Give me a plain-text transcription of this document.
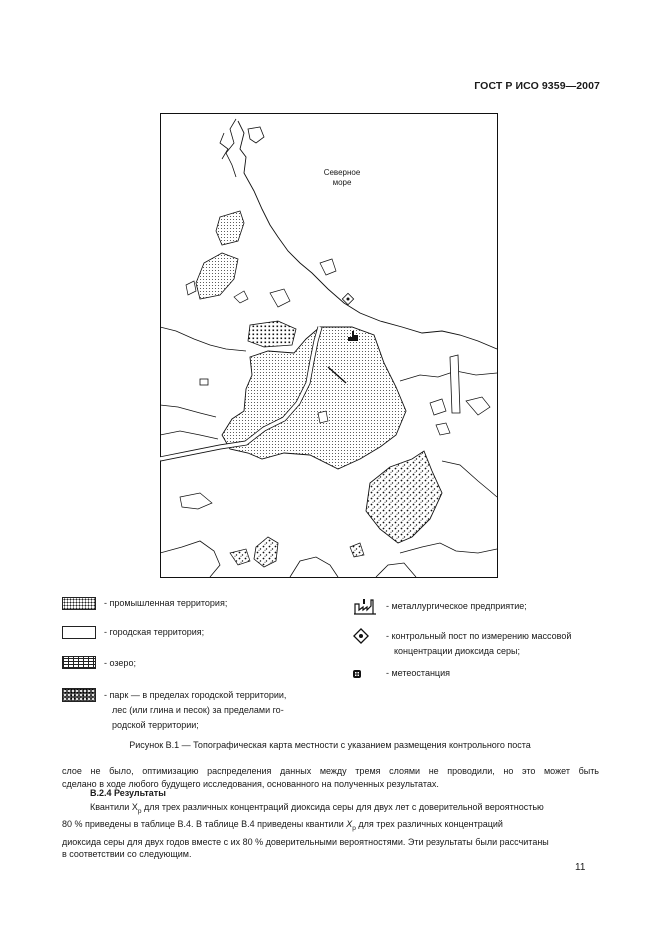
ГОСТ Р ИСО 9359—2007
Северное
море
- промышленная территория;
- городская территория;
- озеро;
- парк — в пределах городской территории,
лес (или глина и песок) за пределами го-
родской территории;
- металлургическое предприятие;
- контрольный пост по измерению массовой
концентрации диоксида серы;
- метеостанция
Рисунок В.1 — Топографическая карта местности с указанием размещения контрольного поста
слое не было, оптимизацию распределения данных между тремя слоями не проводили, но это может быть
сделано в ходе любого будущего исследования, основанного на полученных результатах.
В.2.4 Результаты
Квантили $X_p$ для трех различных концентраций диоксида серы для двух лет с доверительной вероятностью
80 % приведены в таблице В.4. В таблице В.4 приведены квантили $X_p$ для трех различных концентраций
диоксида серы для двух годов вместе с их 80 % доверительными вероятностями. Эти результаты были рассчитаны
в соответствии со следующим.
11
